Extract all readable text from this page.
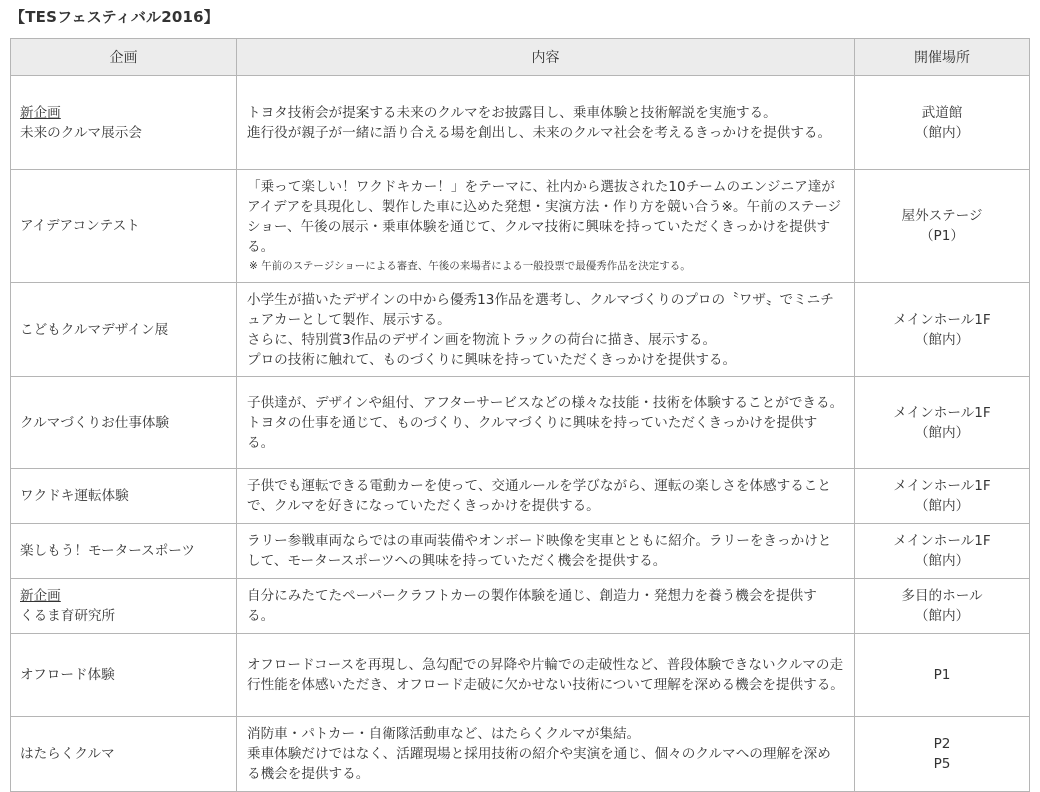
【TESフェスティバル2016】
企画	内容	開催場所

新企画
未来のクルマ展示会	トヨタ技術会が提案する未来のクルマをお披露目し、乗車体験と技術解説を実施する。
進行役が親子が一緒に語り合える場を創出し、未来のクルマ社会を考えるきっかけを提供する。	武道館
（館内）

アイデアコンテスト	「乗って楽しい！ワクドキカー！」をテーマに、社内から選抜された10チームのエンジニア達がアイデアを具現化し、製作した車に込めた発想・実演方法・作り方を競い合う※。午前のステージショー、午後の展示・乗車体験を通じて、クルマ技術に興味を持っていただくきっかけを提供する。
※ 午前のステージショーによる審査、午後の来場者による一般投票で最優秀作品を決定する。	屋外ステージ
（P1）

こどもクルマデザイン展	小学生が描いたデザインの中から優秀13作品を選考し、クルマづくりのプロの〝ワザ〟でミニチュアカーとして製作、展示する。
さらに、特別賞3作品のデザイン画を物流トラックの荷台に描き、展示する。
プロの技術に触れて、ものづくりに興味を持っていただくきっかけを提供する。	メインホール1F
（館内）

クルマづくりお仕事体験	子供達が、デザインや組付、アフターサービスなどの様々な技能・技術を体験することができる。
トヨタの仕事を通じて、ものづくり、クルマづくりに興味を持っていただくきっかけを提供する。	メインホール1F
（館内）

ワクドキ運転体験	子供でも運転できる電動カーを使って、交通ルールを学びながら、運転の楽しさを体感することで、クルマを好きになっていただくきっかけを提供する。	メインホール1F
（館内）

楽しもう！モータースポーツ	ラリー参戦車両ならではの車両装備やオンボード映像を実車とともに紹介。ラリーをきっかけとして、モータースポーツへの興味を持っていただく機会を提供する。	メインホール1F
（館内）

新企画
くるま育研究所	自分にみたてたペーパークラフトカーの製作体験を通じ、創造力・発想力を養う機会を提供する。	多目的ホール
（館内）

オフロード体験	オフロードコースを再現し、急勾配での昇降や片輪での走破性など、普段体験できないクルマの走行性能を体感いただき、オフロード走破に欠かせない技術について理解を深める機会を提供する。	P1

はたらくクルマ	消防車・パトカー・自衛隊活動車など、はたらくクルマが集結。
乗車体験だけではなく、活躍現場と採用技術の紹介や実演を通じ、個々のクルマへの理解を深める機会を提供する。	P2
P5
